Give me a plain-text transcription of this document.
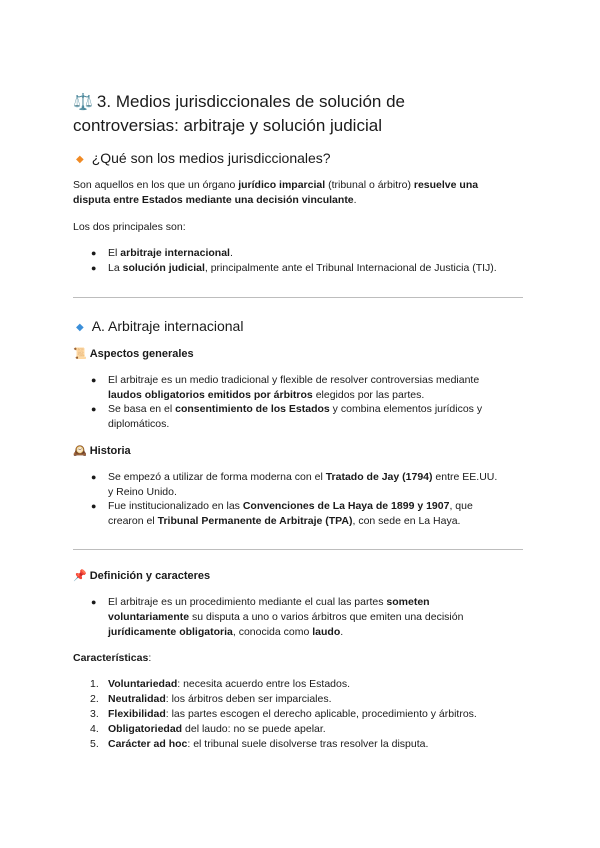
⚖️ 3. Medios jurisdiccionales de solución de
controversias: arbitraje y solución judicial
◆ ¿Qué son los medios jurisdiccionales?
Son aquellos en los que un órgano jurídico imparcial (tribunal o árbitro) resuelve una
disputa entre Estados mediante una decisión vinculante.
Los dos principales son:
● El arbitraje internacional.
● La solución judicial, principalmente ante el Tribunal Internacional de Justicia (TIJ).
◆ A. Arbitraje internacional
📜 Aspectos generales
● El arbitraje es un medio tradicional y flexible de resolver controversias mediante
laudos obligatorios emitidos por árbitros elegidos por las partes.
● Se basa en el consentimiento de los Estados y combina elementos jurídicos y
diplomáticos.
🕰️ Historia
● Se empezó a utilizar de forma moderna con el Tratado de Jay (1794) entre EE.UU.
y Reino Unido.
● Fue institucionalizado en las Convenciones de La Haya de 1899 y 1907, que
crearon el Tribunal Permanente de Arbitraje (TPA), con sede en La Haya.
📌 Definición y caracteres
● El arbitraje es un procedimiento mediante el cual las partes someten
voluntariamente su disputa a uno o varios árbitros que emiten una decisión
jurídicamente obligatoria, conocida como laudo.
Características:
1. Voluntariedad: necesita acuerdo entre los Estados.
2. Neutralidad: los árbitros deben ser imparciales.
3. Flexibilidad: las partes escogen el derecho aplicable, procedimiento y árbitros.
4. Obligatoriedad del laudo: no se puede apelar.
5. Carácter ad hoc: el tribunal suele disolverse tras resolver la disputa.
